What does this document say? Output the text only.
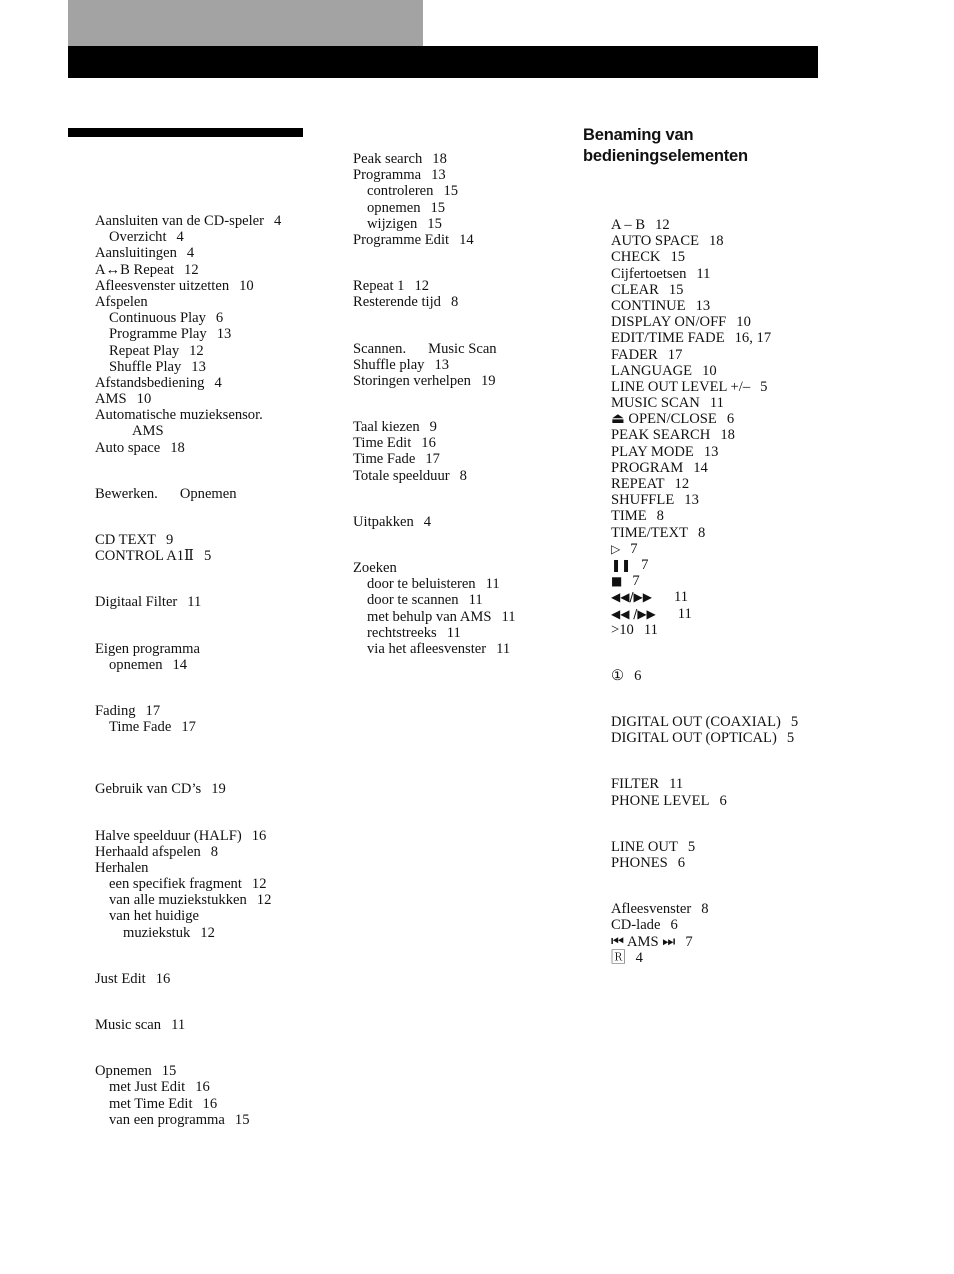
Benaming van
bedieningselementen
Aansluiten van de CD-speler 4
Overzicht 4
Aansluitingen 4
A↔B Repeat 12
Afleesvenster uitzetten 10
Afspelen
Continuous Play 6
Programme Play 13
Repeat Play 12
Shuffle Play 13
Afstandsbediening 4
AMS 10
Automatische muzieksensor.
AMS
Auto space 18
Bewerken. Opnemen
CD TEXT 9
CONTROL A1Ⅱ 5
Digitaal Filter 11
Eigen programma
opnemen 14
Fading 17
Time Fade 17
Gebruik van CD’s 19
Halve speelduur (HALF) 16
Herhaald afspelen 8
Herhalen
een specifiek fragment 12
van alle muziekstukken 12
van het huidige
muziekstuk 12
Just Edit 16
Music scan 11
Opnemen 15
met Just Edit 16
met Time Edit 16
van een programma 15
Peak search 18
Programma 13
controleren 15
opnemen 15
wijzigen 15
Programme Edit 14
Repeat 1 12
Resterende tijd 8
Scannen. Music Scan
Shuffle play 13
Storingen verhelpen 19
Taal kiezen 9
Time Edit 16
Time Fade 17
Totale speelduur 8
Uitpakken 4
Zoeken
door te beluisteren 11
door te scannen 11
met behulp van AMS 11
rechtstreeks 11
via het afleesvenster 11
A – B 12
AUTO SPACE 18
CHECK 15
Cijfertoetsen 11
CLEAR 15
CONTINUE 13
DISPLAY ON/OFF 10
EDIT/TIME FADE 16, 17
FADER 17
LANGUAGE 10
LINE OUT LEVEL +/– 5
MUSIC SCAN 11
⏏ OPEN/CLOSE 6
PEAK SEARCH 18
PLAY MODE 13
PROGRAM 14
REPEAT 12
SHUFFLE 13
TIME 8
TIME/TEXT 8
▷ 7
❚❚ 7
■ 7
◀◀/▶▶ 11
◀◀ /▶▶ 11
>10 11
① 6
DIGITAL OUT (COAXIAL) 5
DIGITAL OUT (OPTICAL) 5
FILTER 11
PHONE LEVEL 6
LINE OUT 5
PHONES 6
Afleesvenster 8
CD-lade 6
⏮ AMS ⏭ 7
🅁 4
